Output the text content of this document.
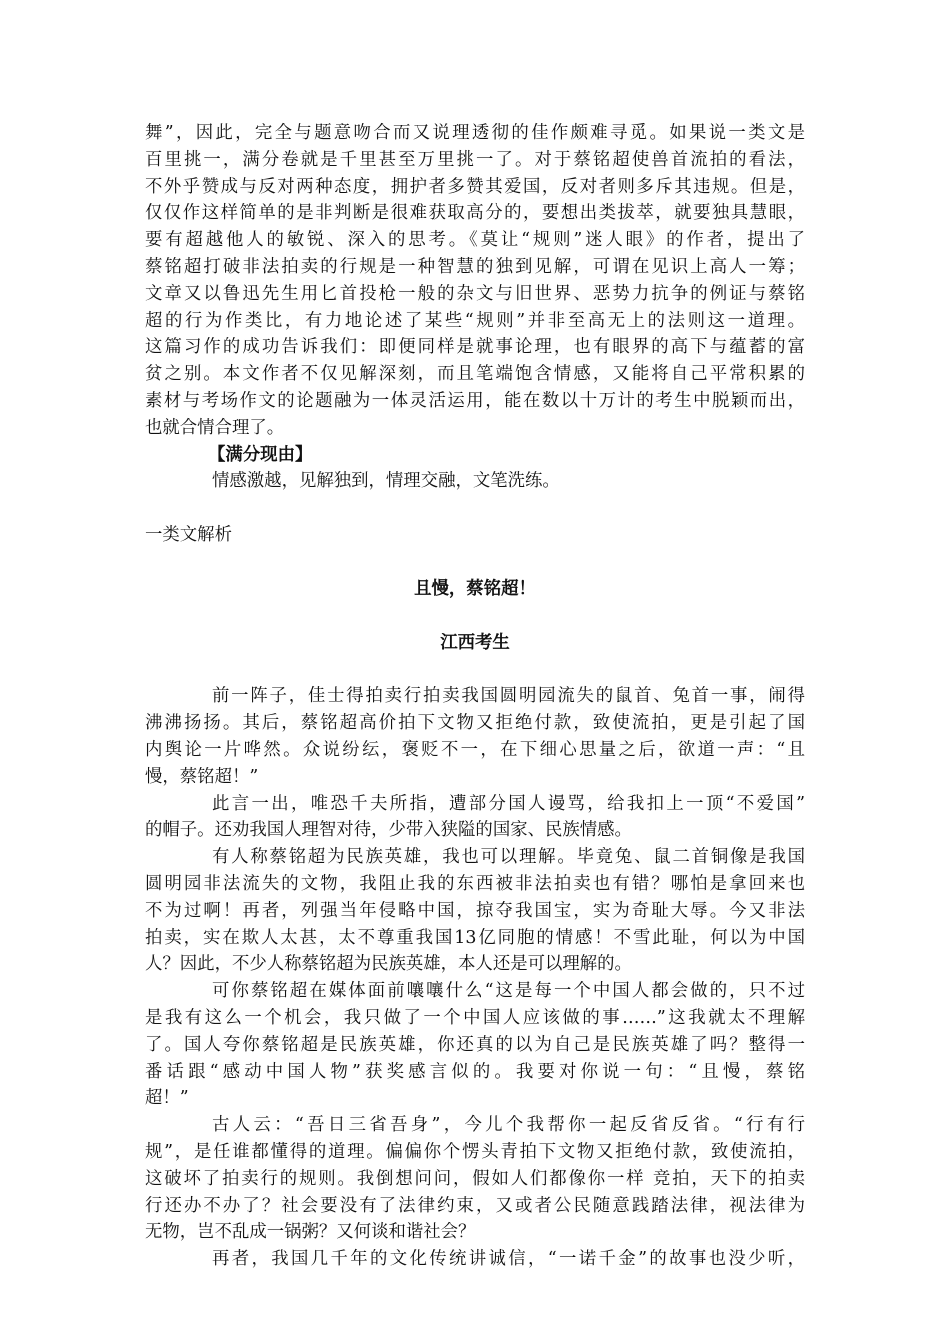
舞”，因此，完全与题意吻合而又说理透彻的佳作颇难寻觅。如果说一类文是
百里挑一，满分卷就是千里甚至万里挑一了。对于蔡铭超使兽首流拍的看法，
不外乎赞成与反对两种态度，拥护者多赞其爱国，反对者则多斥其违规。但是，
仅仅作这样简单的是非判断是很难获取高分的，要想出类拔萃，就要独具慧眼，
要有超越他人的敏锐、深入的思考。《莫让“规则”迷人眼》的作者，提出了
蔡铭超打破非法拍卖的行规是一种智慧的独到见解，可谓在见识上高人一筹；
文章又以鲁迅先生用匕首投枪一般的杂文与旧世界、恶势力抗争的例证与蔡铭
超的行为作类比，有力地论述了某些“规则”并非至高无上的法则这一道理。
这篇习作的成功告诉我们：即便同样是就事论理，也有眼界的高下与蕴蓄的富
贫之别。本文作者不仅见解深刻，而且笔端饱含情感，又能将自己平常积累的
素材与考场作文的论题融为一体灵活运用，能在数以十万计的考生中脱颖而出，
也就合情合理了。
【满分现由】
情感激越，见解独到，情理交融，文笔洗练。
一类文解析
且慢，蔡铭超！
江西考生
前一阵子，佳士得拍卖行拍卖我国圆明园流失的鼠首、兔首一事，闹得
沸沸扬扬。其后，蔡铭超高价拍下文物又拒绝付款，致使流拍，更是引起了国
内舆论一片哗然。众说纷纭，褒贬不一，在下细心思量之后，欲道一声：“且
慢，蔡铭超！”
此言一出，唯恐千夫所指，遭部分国人谩骂，给我扣上一顶“不爱国”
的帽子。还劝我国人理智对待，少带入狭隘的国家、民族情感。
有人称蔡铭超为民族英雄，我也可以理解。毕竟兔、鼠二首铜像是我国
圆明园非法流失的文物，我阻止我的东西被非法拍卖也有错？哪怕是拿回来也
不为过啊！再者，列强当年侵略中国，掠夺我国宝，实为奇耻大辱。今又非法
拍卖，实在欺人太甚，太不尊重我国13亿同胞的情感！不雪此耻，何以为中国
人？因此，不少人称蔡铭超为民族英雄，本人还是可以理解的。
可你蔡铭超在媒体面前嚷嚷什么“这是每一个中国人都会做的，只不过
是我有这么一个机会，我只做了一个中国人应该做的事……”这我就太不理解
了。国人夸你蔡铭超是民族英雄，你还真的以为自己是民族英雄了吗？整得一
番话跟“感动中国人物”获奖感言似的。我要对你说一句：“且慢，蔡铭
超！”
古人云：“吾日三省吾身”，今儿个我帮你一起反省反省。“行有行
规”，是任谁都懂得的道理。偏偏你个愣头青拍下文物又拒绝付款，致使流拍，
这破坏了拍卖行的规则。我倒想问问，假如人们都像你一样 竞拍，天下的拍卖
行还办不办了？社会要没有了法律约束，又或者公民随意践踏法律，视法律为
无物，岂不乱成一锅粥？又何谈和谐社会？
再者，我国几千年的文化传统讲诚信，“一诺千金”的故事也没少听，
